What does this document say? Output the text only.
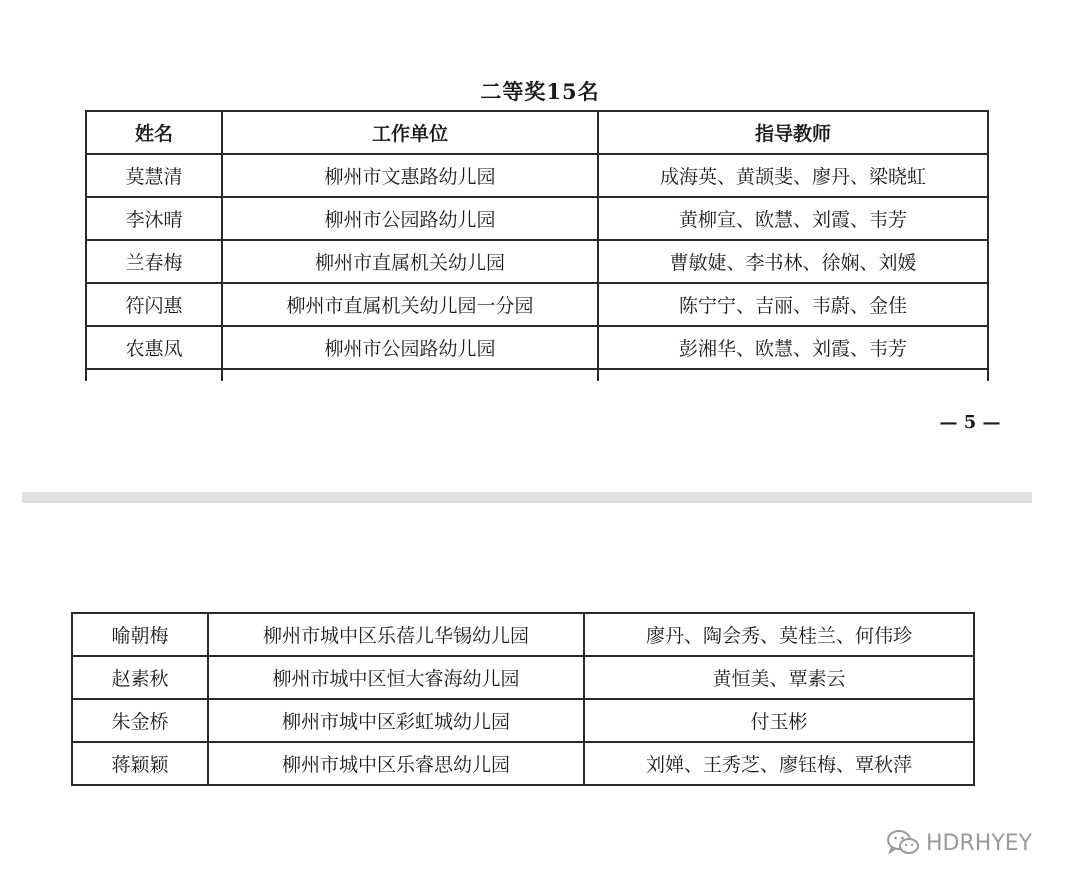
二等奖15名
姓名	工作单位	指导教师
莫慧清	柳州市文惠路幼儿园	成海英、黄颉斐、廖丹、梁晓虹
李沐晴	柳州市公园路幼儿园	黄柳宣、欧慧、刘霞、韦芳
兰春梅	柳州市直属机关幼儿园	曹敏婕、李书林、徐娴、刘媛
符闪惠	柳州市直属机关幼儿园一分园	陈宁宁、吉丽、韦蔚、金佳
农惠凤	柳州市公园路幼儿园	彭湘华、欧慧、刘霞、韦芳

— 5 —
喻朝梅	柳州市城中区乐蓓儿华锡幼儿园	廖丹、陶会秀、莫桂兰、何伟珍
赵素秋	柳州市城中区恒大睿海幼儿园	黄恒美、覃素云
朱金桥	柳州市城中区彩虹城幼儿园	付玉彬
蒋颖颖	柳州市城中区乐睿思幼儿园	刘婵、王秀芝、廖钰梅、覃秋萍
HDRHYEY
